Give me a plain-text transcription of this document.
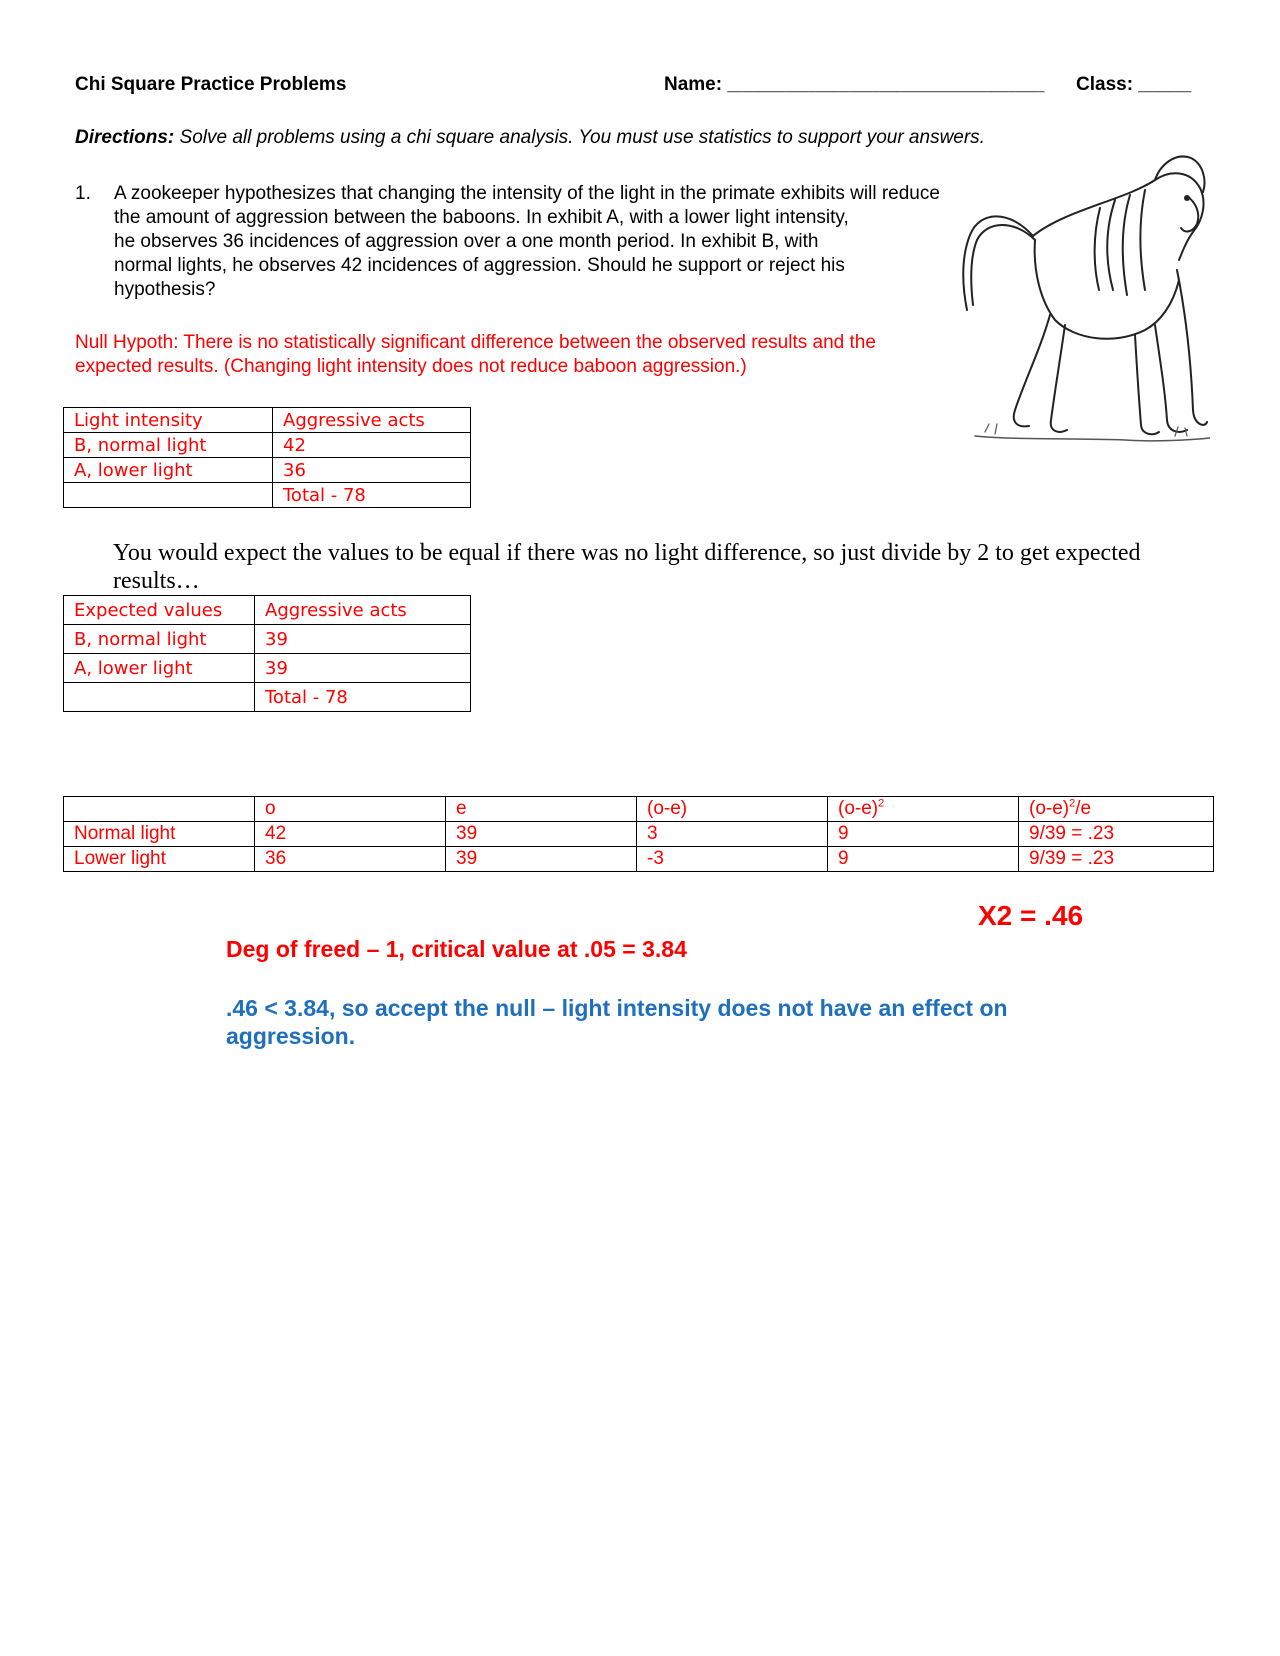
Chi Square Practice Problems	Name: ______________________________ Class: _____
Directions: Solve all problems using a chi square analysis. You must use statistics to support your answers.
1. A zookeeper hypothesizes that changing the intensity of the light in the primate exhibits will reduce
the amount of aggression between the baboons. In exhibit A, with a lower light intensity,
he observes 36 incidences of aggression over a one month period. In exhibit B, with
normal lights, he observes 42 incidences of aggression. Should he support or reject his
hypothesis?
Null Hypoth: There is no statistically significant difference between the observed results and the
expected results. (Changing light intensity does not reduce baboon aggression.)
Light intensity	Aggressive acts
B, normal light	42
A, lower light	36
	Total - 78
You would expect the values to be equal if there was no light difference, so just divide by 2 to get expected
results…
Expected values	Aggressive acts
B, normal light	39
A, lower light	39
	Total - 78
	o	e	(o-e)	$(o-e)^2$	$(o-e)^2/e$
Normal light	42	39	3	9	9/39 = .23
Lower light	36	39	-3	9	9/39 = .23
X2 = .46
Deg of freed – 1, critical value at .05 = 3.84
.46 < 3.84, so accept the null – light intensity does not have an effect on
aggression.
